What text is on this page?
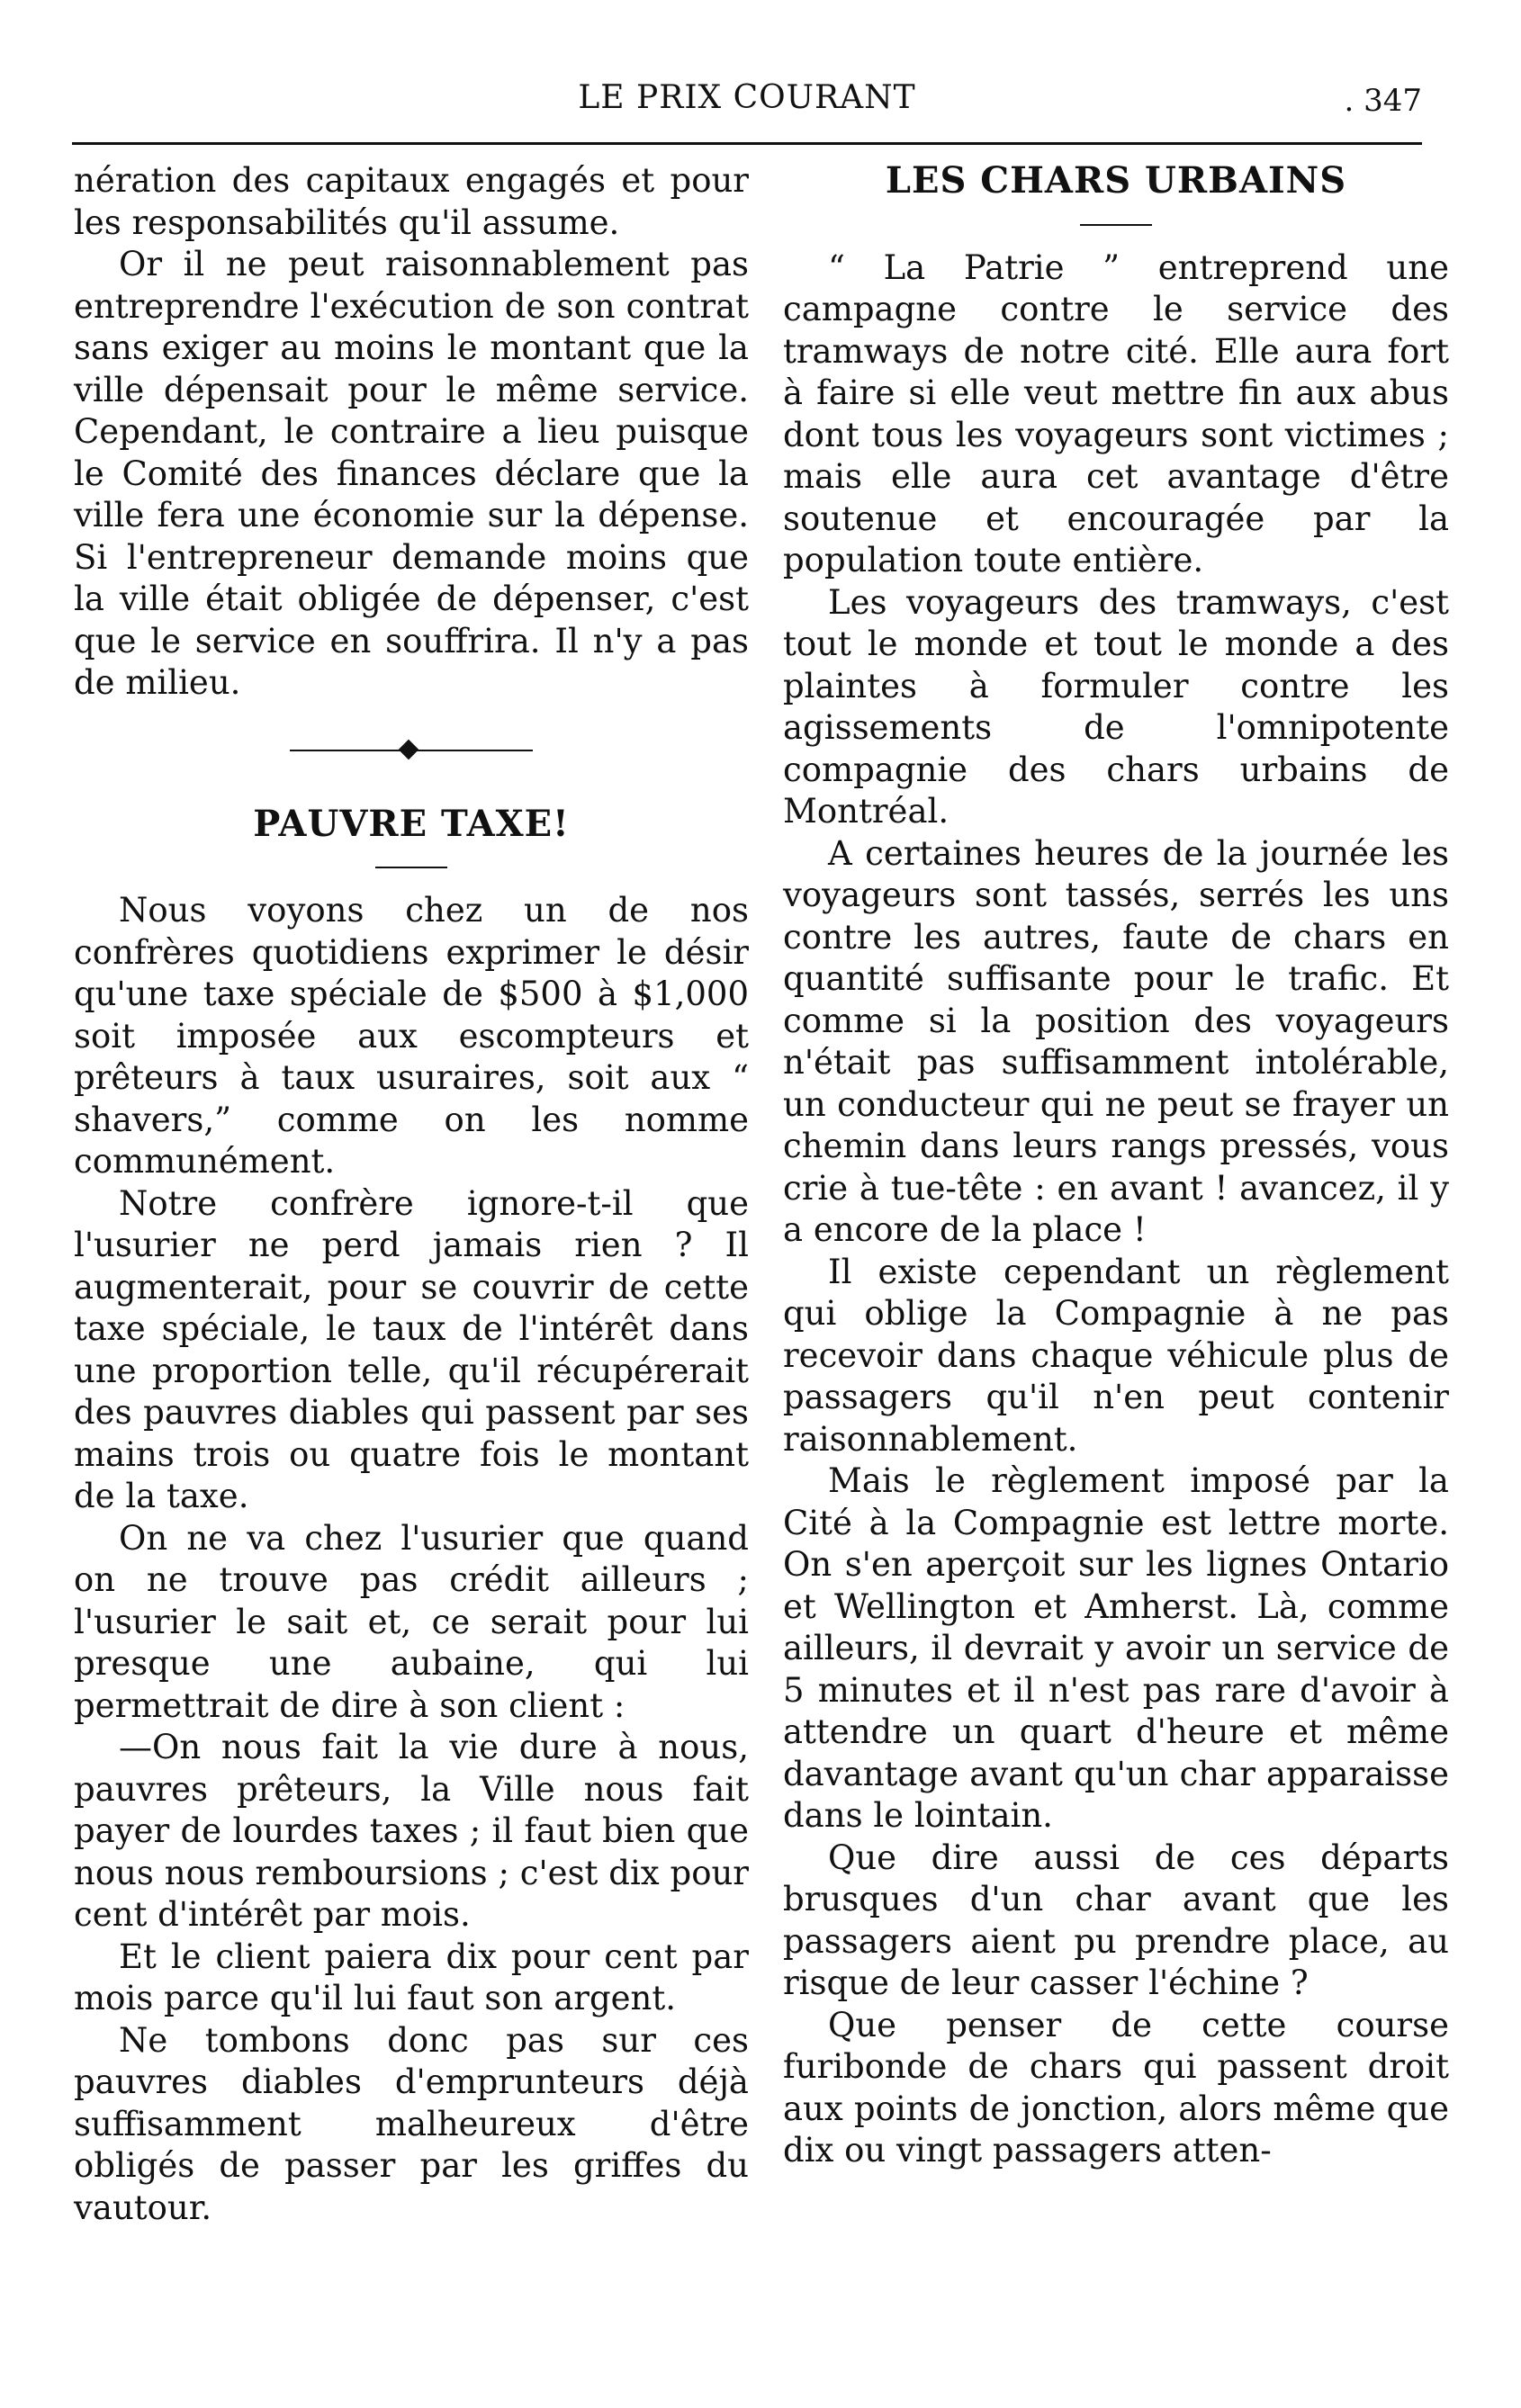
LE PRIX COURANT	. 347

nération des capitaux engagés et pour les responsabilités qu'il assume.

Or il ne peut raisonnablement pas entreprendre l'exécution de son contrat sans exiger au moins le montant que la ville dépensait pour le même service. Cependant, le contraire a lieu puisque le Comité des finances déclare que la ville fera une économie sur la dépense. Si l'entrepreneur demande moins que la ville était obligée de dépenser, c'est que le service en souffrira. Il n'y a pas de milieu.

PAUVRE TAXE!

Nous voyons chez un de nos confrères quotidiens exprimer le désir qu'une taxe spéciale de $500 à $1,000 soit imposée aux escompteurs et prêteurs à taux usuraires, soit aux “ shavers,” comme on les nomme communément.

Notre confrère ignore-t-il que l'usurier ne perd jamais rien ? Il augmenterait, pour se couvrir de cette taxe spéciale, le taux de l'intérêt dans une proportion telle, qu'il récupérerait des pauvres diables qui passent par ses mains trois ou quatre fois le montant de la taxe.

On ne va chez l'usurier que quand on ne trouve pas crédit ailleurs ; l'usurier le sait et, ce serait pour lui presque une aubaine, qui lui permettrait de dire à son client :

—On nous fait la vie dure à nous, pauvres prêteurs, la Ville nous fait payer de lourdes taxes ; il faut bien que nous nous remboursions ; c'est dix pour cent d'intérêt par mois.

Et le client paiera dix pour cent par mois parce qu'il lui faut son argent.

Ne tombons donc pas sur ces pauvres diables d'emprunteurs déjà suffisamment malheureux d'être obligés de passer par les griffes du vautour.

LES CHARS URBAINS

“ La Patrie ” entreprend une campagne contre le service des tramways de notre cité. Elle aura fort à faire si elle veut mettre fin aux abus dont tous les voyageurs sont victimes ; mais elle aura cet avantage d'être soutenue et encouragée par la population toute entière.

Les voyageurs des tramways, c'est tout le monde et tout le monde a des plaintes à formuler contre les agissements de l'omnipotente compagnie des chars urbains de Montréal.

A certaines heures de la journée les voyageurs sont tassés, serrés les uns contre les autres, faute de chars en quantité suffisante pour le trafic. Et comme si la position des voyageurs n'était pas suffisamment intolérable, un conducteur qui ne peut se frayer un chemin dans leurs rangs pressés, vous crie à tue-tête : en avant ! avancez, il y a encore de la place !

Il existe cependant un règlement qui oblige la Compagnie à ne pas recevoir dans chaque véhicule plus de passagers qu'il n'en peut contenir raisonnablement.

Mais le règlement imposé par la Cité à la Compagnie est lettre morte. On s'en aperçoit sur les lignes Ontario et Wellington et Amherst. Là, comme ailleurs, il devrait y avoir un service de 5 minutes et il n'est pas rare d'avoir à attendre un quart d'heure et même davantage avant qu'un char apparaisse dans le lointain.

Que dire aussi de ces départs brusques d'un char avant que les passagers aient pu prendre place, au risque de leur casser l'échine ?

Que penser de cette course furibonde de chars qui passent droit aux points de jonction, alors même que dix ou vingt passagers atten-
